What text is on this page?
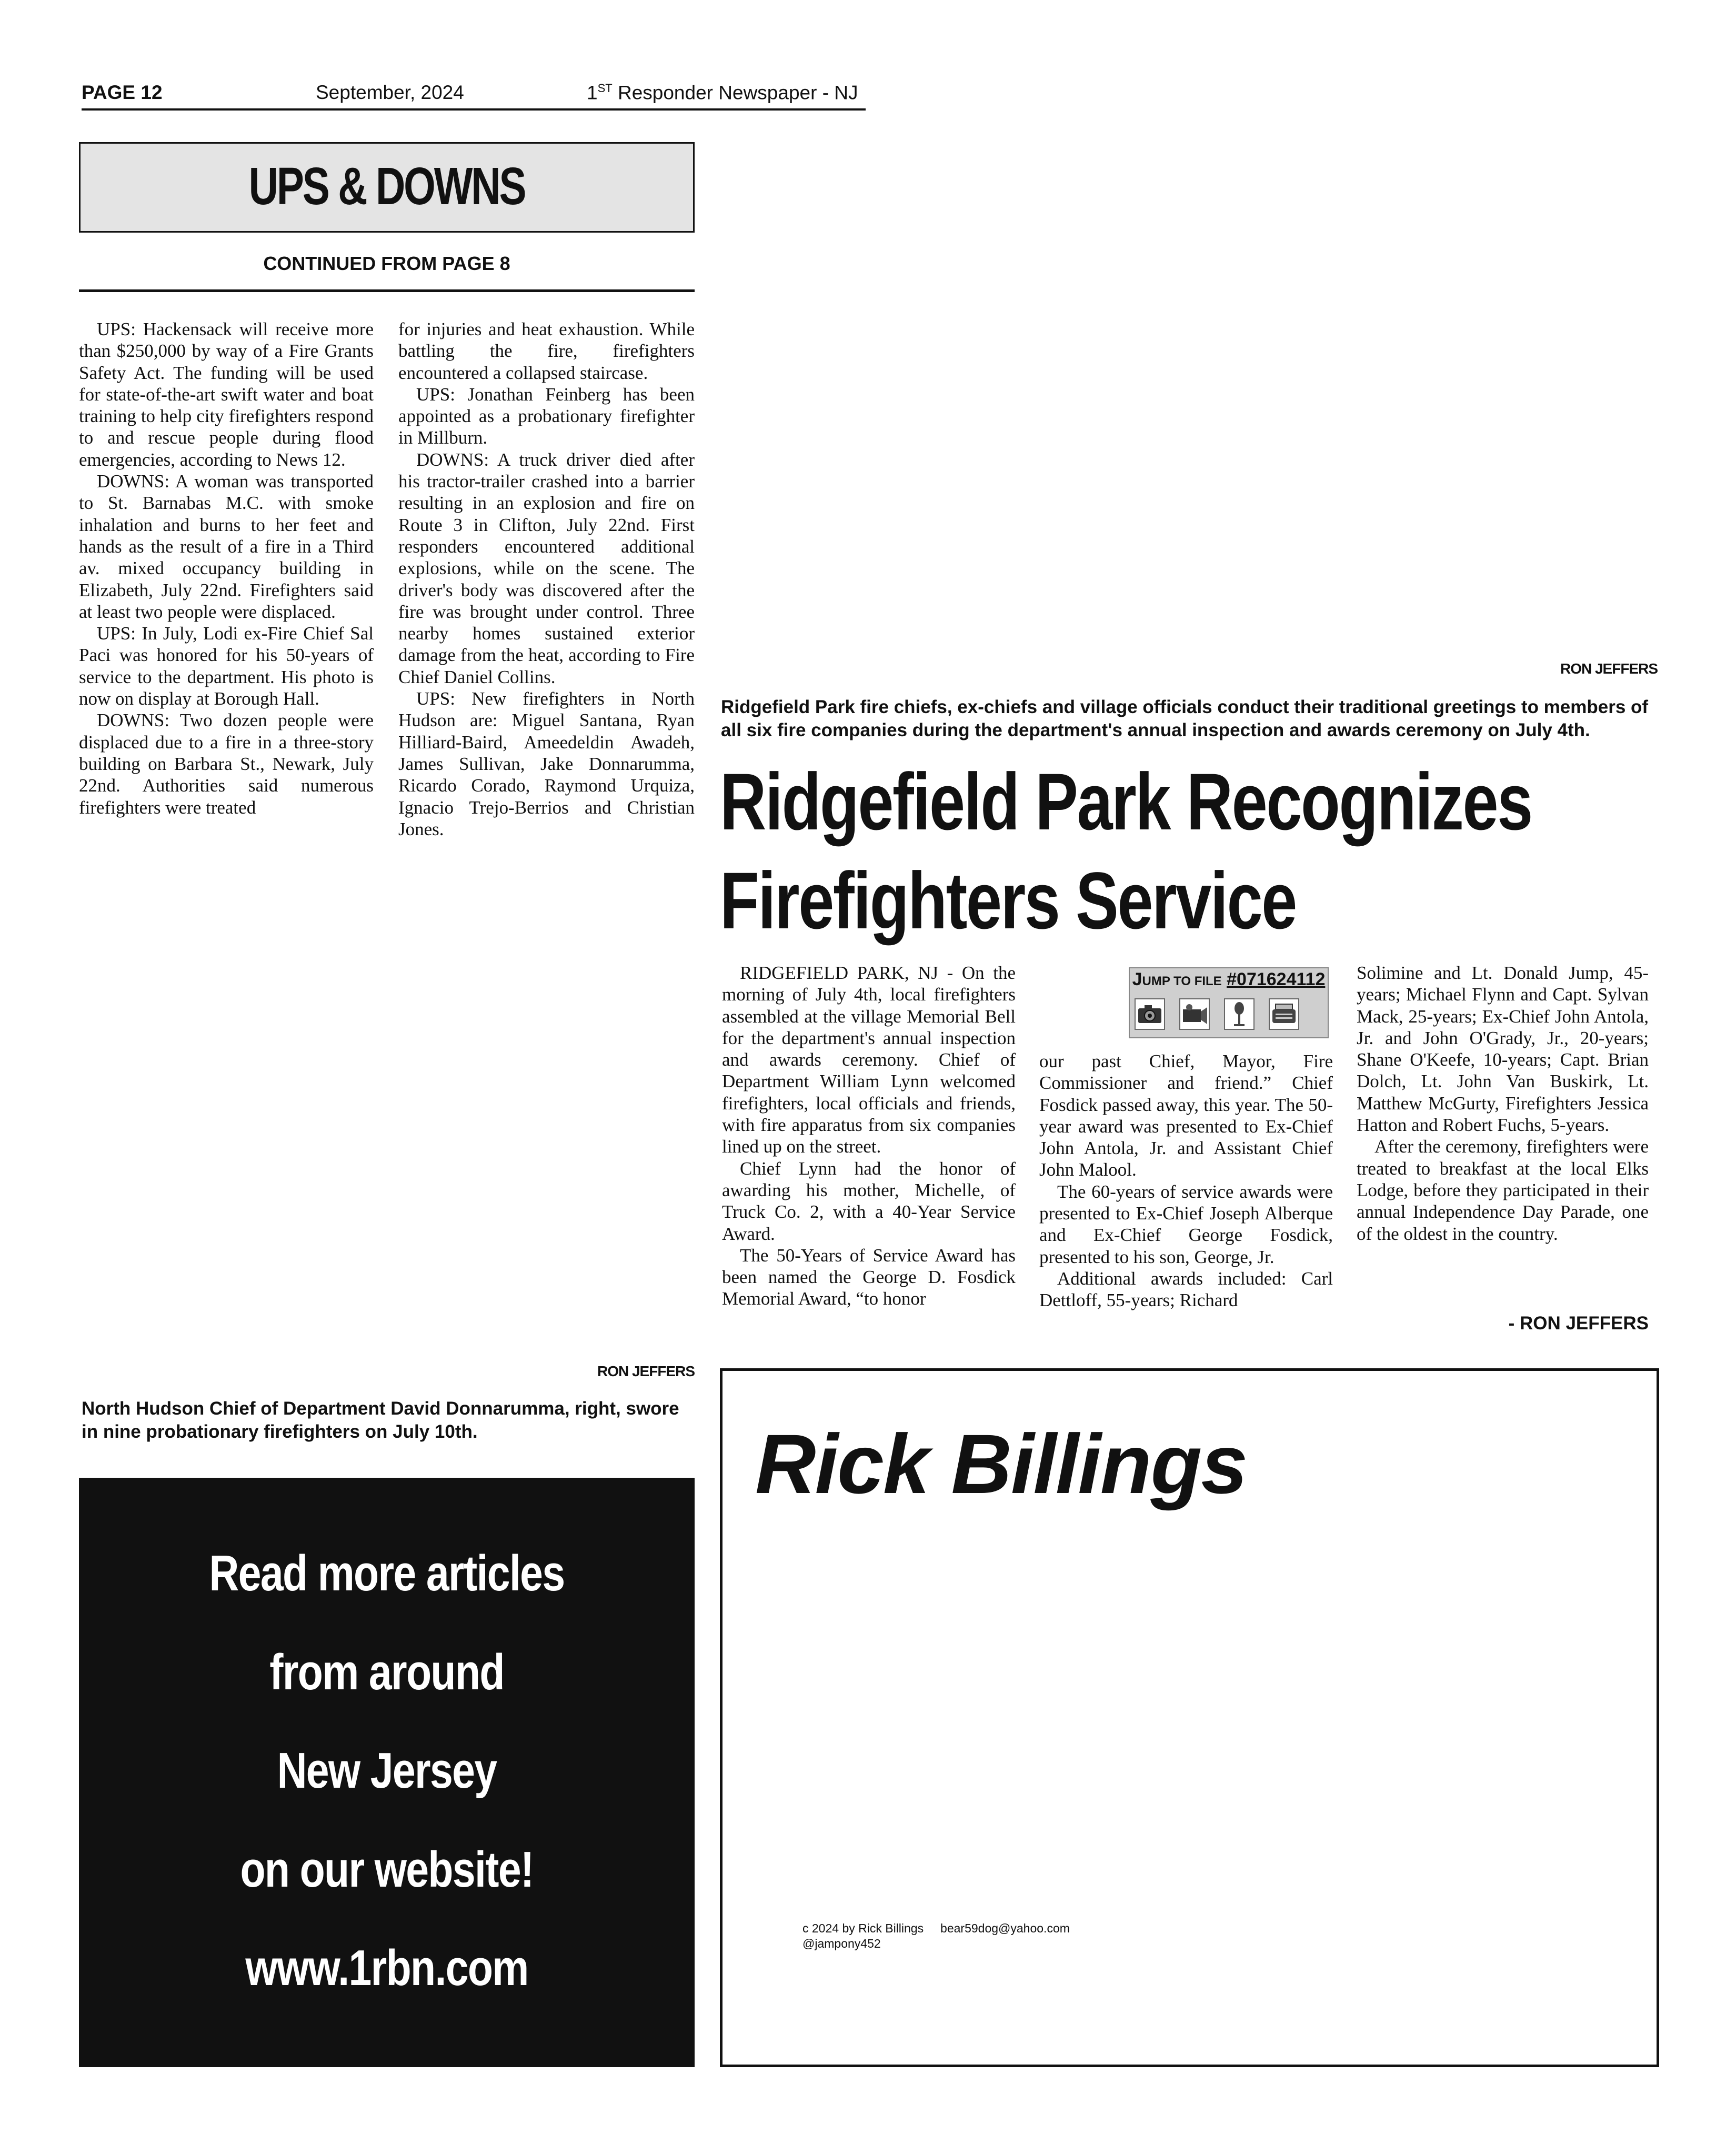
PAGE 12	September, 2024	1ST Responder Newspaper - NJ
UPS & DOWNS
CONTINUED FROM PAGE 8

UPS: Hackensack will receive more than $250,000 by way of a Fire Grants Safety Act. The funding will be used for state-of-the-art swift water and boat training to help city firefighters respond to and rescue people during flood emergencies, according to News 12.

DOWNS: A woman was transported to St. Barnabas M.C. with smoke inhalation and burns to her feet and hands as the result of a fire in a Third av. mixed occupancy building in Elizabeth, July 22nd. Firefighters said at least two people were displaced.

UPS: In July, Lodi ex-Fire Chief Sal Paci was honored for his 50-years of service to the department. His photo is now on display at Borough Hall.

DOWNS: Two dozen people were displaced due to a fire in a three-story building on Barbara St., Newark, July 22nd. Authorities said numerous firefighters were treated

for injuries and heat exhaustion. While battling the fire, firefighters encountered a collapsed staircase.

UPS: Jonathan Feinberg has been appointed as a probationary firefighter in Millburn.

DOWNS: A truck driver died after his tractor-trailer crashed into a barrier resulting in an explosion and fire on Route 3 in Clifton, July 22nd. First responders encountered additional explosions, while on the scene. The driver's body was discovered after the fire was brought under control. Three nearby homes sustained exterior damage from the heat, according to Fire Chief Daniel Collins.

UPS: New firefighters in North Hudson are: Miguel Santana, Ryan Hilliard-Baird, Ameedeldin Awadeh, James Sullivan, Jake Donnarumma, Ricardo Corado, Raymond Urquiza, Ignacio Trejo-Berrios and Christian Jones.

RON JEFFERS
Ridgefield Park fire chiefs, ex-chiefs and village officials conduct their traditional greetings to members of all six fire companies during the department's annual inspection and awards ceremony on July 4th.
Ridgefield Park Recognizes
Firefighters Service

RIDGEFIELD PARK, NJ - On the morning of July 4th, local firefighters assembled at the village Memorial Bell for the department's annual inspection and awards ceremony. Chief of Department William Lynn welcomed firefighters, local officials and friends, with fire apparatus from six companies lined up on the street.

Chief Lynn had the honor of awarding his mother, Michelle, of Truck Co. 2, with a 40-Year Service Award.

The 50-Years of Service Award has been named the George D. Fosdick Memorial Award, “to honor

our past Chief, Mayor, Fire Commissioner and friend.” Chief Fosdick passed away, this year. The 50-year award was presented to Ex-Chief John Antola, Jr. and Assistant Chief John Malool.

The 60-years of service awards were presented to Ex-Chief Joseph Alberque and Ex-Chief George Fosdick, presented to his son, George, Jr.

Additional awards included: Carl Dettloff, 55-years; Richard

Solimine and Lt. Donald Jump, 45-years; Michael Flynn and Capt. Sylvan Mack, 25-years; Ex-Chief John Antola, Jr. and John O'Grady, Jr., 20-years; Shane O'Keefe, 10-years; Capt. Brian Dolch, Lt. John Van Buskirk, Lt. Matthew McGurty, Firefighters Jessica Hatton and Robert Fuchs, 5-years.

After the ceremony, firefighters were treated to breakfast at the local Elks Lodge, before they participated in their annual Independence Day Parade, one of the oldest in the country.

- RON JEFFERS
JUMP TO FILE #071624112
RON JEFFERS
North Hudson Chief of Department David Donnarumma, right, swore in nine probationary firefighters on July 10th.
Read more articles
from around
New Jersey
on our website!
www.1rbn.com
Rick Billings
c 2024 by Rick Billings     bear59dog@yahoo.com
@jampony452
